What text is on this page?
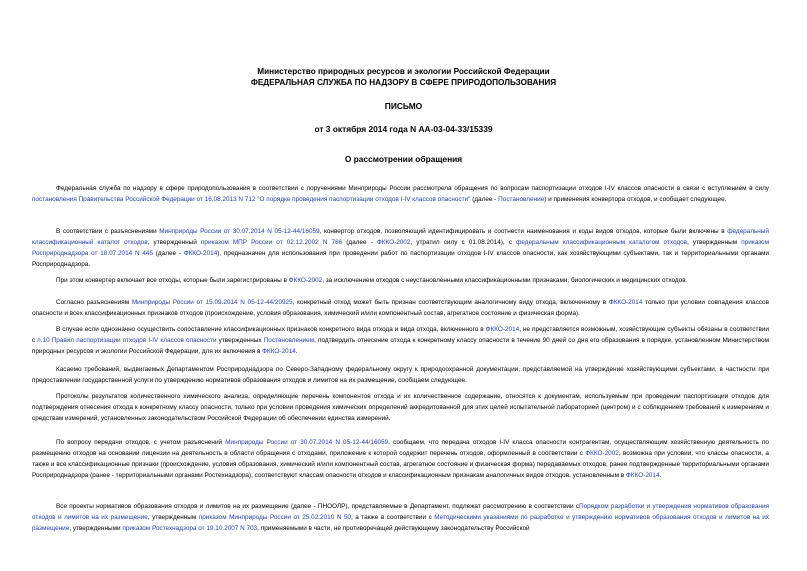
Министерство природных ресурсов и экологии Российской Федерации
ФЕДЕРАЛЬНАЯ СЛУЖБА ПО НАДЗОРУ В СФЕРЕ ПРИРОДОПОЛЬЗОВАНИЯ
ПИСЬМО
от 3 октября 2014 года N АА-03-04-33/15339
О рассмотрении обращения

Федеральная служба по надзору в сфере природопользования в соответствии с поручениями Минприроды России рассмотрела обращения по вопросам паспортизации отходов I-IV классов опасности в связи с вступлением в силу постановления Правительства Российской Федерации от 16.08.2013 N 712 "О порядке проведения паспортизации отходов I-IV классов опасности" (далее - Постановление) и применения конвертора отходов, и сообщает следующее.

В соответствии с разъяснениями Минприроды России от 30.07.2014 N 05-12-44/16059, конвертор отходов, позволяющий идентифицировать и соотнести наименования и коды видов отходов, которые были включены в федеральный классификационный каталог отходов, утвержденный приказом МПР России от 02.12.2002 N 786 (далее - ФККО-2002, утратил силу с 01.08.2014), с федеральным классификационным каталогом отходов, утвержденным приказом Росприроднадзора от 18.07.2014 N 445 (далее - ФККО-2014), предназначен для использования при проведении работ по паспортизации отходов I-IV классов опасности, как хозяйствующими субъектами, так и территориальными органами Росприроднадзора.

При этом конвертер включает все отходы, которые были зарегистрированы в ФККО-2002, за исключением отходов с неустановленными классификационными признаками, биологических и медицинских отходов.

Согласно разъяснениям Минприроды России от 15.09.2014 N 05-12-44/20925, конкретный отход может быть признан соответствующим аналогичному виду отхода, включенному в ФККО-2014 только при условии совпадения классов опасности и всех классификационных признаков отходов (происхождение, условия образования, химический и/или компонентный состав, агрегатное состояние и физическая форма).

В случае если однозначно осуществить сопоставление классификационных признаков конкретного вида отхода и вида отхода, включенного в ФККО-2014, не представляется возможным, хозяйствующие субъекты обязаны в соответствии с п.10 Правил паспортизации отходов I-IV классов опасности утвержденных Постановлением, подтвердить отнесение отхода к конкретному классу опасности в течение 90 дней со дня его образования в порядке, установленном Министерством природных ресурсов и экологии Российской Федерации, для их включения в ФККО-2014.

Касаемо требований, выдвигаемых Департаментом Росприроднадзора по Северо-Западному федеральному округу к природоохранной документации, представляемой на утверждение хозяйствующими субъектами, в частности при предоставлении государственной услуги по утверждению нормативов образования отходов и лимитов на их размещение, сообщаем следующее.

Протоколы результатов количественного химического анализа, определяющие перечень компонентов отхода и их количественное содержание, относятся к документам, используемым при проведении паспортизации отходов для подтверждения отнесения отхода к конкретному классу опасности, только при условии проведения химических определений аккредитованной для этих целей испытательной лабораторией (центром) и с соблюдением требований к измерениям и средствам измерений, установленных законодательством Российской Федерации об обеспечении единства измерений.

По вопросу передачи отходов, с учетом разъяснений Минприроды России от 30.07.2014 N 05-12-44/16059, сообщаем, что передача отходов I-IV класса опасности контрагентам, осуществляющим хозяйственную деятельность по размещению отходов на основании лицензии на деятельность в области обращения с отходами, приложение к которой содержит перечень отходов, оформленный в соответствии с ФККО-2002, возможна при условии, что классы опасности, а также и все классификационные признаки (происхождение, условия образования, химический и/или компонентный состав, агрегатное состояние и физическая форма) передаваемых отходов, ранее подтвержденные территориальными органами Росприроднадзора (ранее - территориальными органами Ростехнадзора), соответствуют классам опасности отходов и классификационным признакам аналогичных видов отходов, установленным в ФККО-2014.

Все проекты нормативов образования отходов и лимитов на их размещение (далее - ПНООЛР), представляемые в Департамент, подлежат рассмотрению в соответствии сПорядком разработки и утверждения нормативов образования отходов и лимитов на их размещение, утвержденным приказом Минприроды России от 25.02.2010 N 50, а также в соответствии с Методическими указаниями по разработке и утверждению нормативов образования отходов и лимитов на их размещение, утвержденными приказом Ростехнадзора от 19.10.2007 N 703, применяемыми в части, не противоречащей действующему законодательству Российской
